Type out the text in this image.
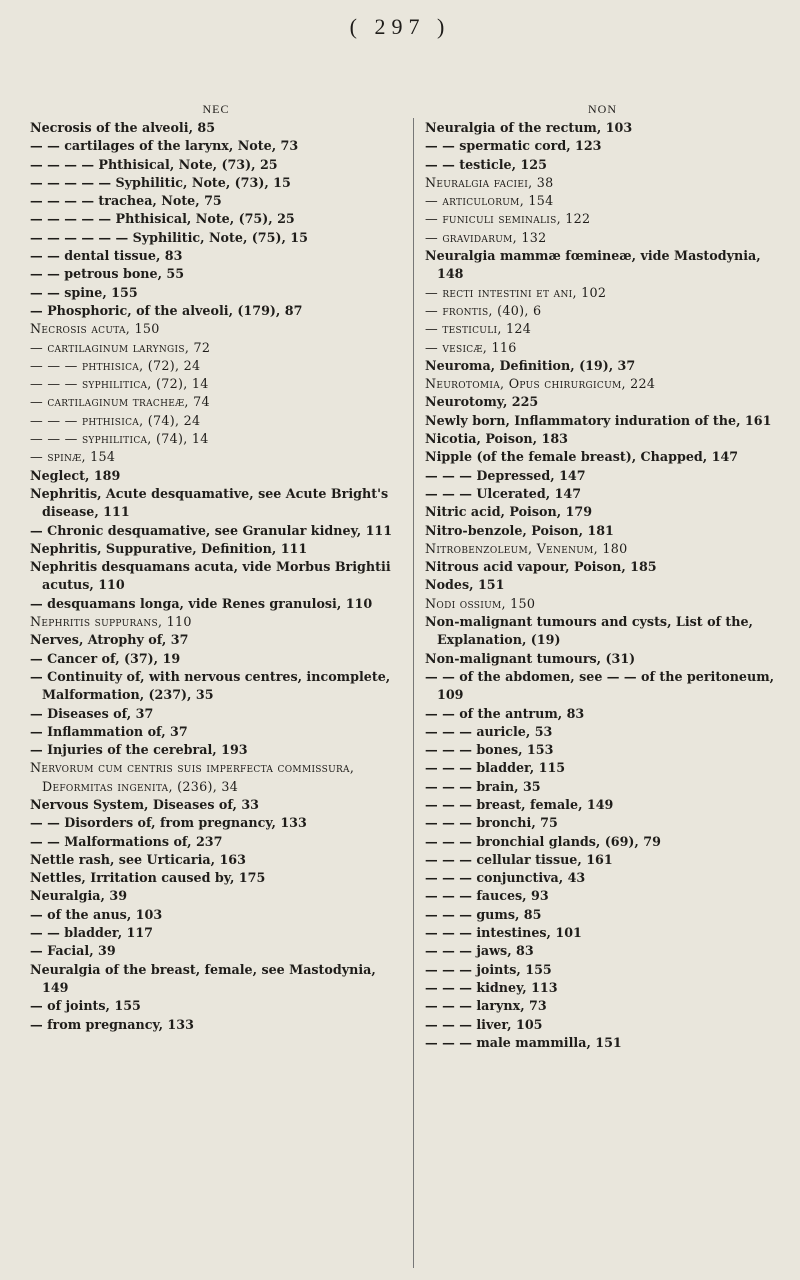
( 297 )
NEC
Necrosis of the alveoli, 85
— — cartilages of the larynx, Note, 73
— — — — Phthisical, Note, (73), 25
— — — — — Syphilitic, Note, (73), 15
— — — — trachea, Note, 75
— — — — — Phthisical, Note, (75), 25
— — — — — — Syphilitic, Note, (75), 15
— — dental tissue, 83
— — petrous bone, 55
— — spine, 155
— Phosphoric, of the alveoli, (179), 87
Necrosis acuta, 150
— cartilaginum laryngis, 72
— — — phthisica, (72), 24
— — — syphilitica, (72), 14
— cartilaginum tracheæ, 74
— — — phthisica, (74), 24
— — — syphilitica, (74), 14
— spinæ, 154
Neglect, 189
Nephritis, Acute desquamative, see Acute Bright's disease, 111
— Chronic desquamative, see Granular kidney, 111
Nephritis, Suppurative, Definition, 111
Nephritis desquamans acuta, vide Morbus Brightii acutus, 110
— desquamans longa, vide Renes granulosi, 110
Nephritis suppurans, 110
Nerves, Atrophy of, 37
— Cancer of, (37), 19
— Continuity of, with nervous centres, incomplete, Malformation, (237), 35
— Diseases of, 37
— Inflammation of, 37
— Injuries of the cerebral, 193
Nervorum cum centris suis imperfecta commissura, Deformitas ingenita, (236), 34
Nervous System, Diseases of, 33
— — Disorders of, from pregnancy, 133
— — Malformations of, 237
Nettle rash, see Urticaria, 163
Nettles, Irritation caused by, 175
Neuralgia, 39
— of the anus, 103
— — bladder, 117
— Facial, 39
Neuralgia of the breast, female, see Mastodynia, 149
— of joints, 155
— from pregnancy, 133
NON
Neuralgia of the rectum, 103
— — spermatic cord, 123
— — testicle, 125
Neuralgia faciei, 38
— articulorum, 154
— funiculi seminalis, 122
— gravidarum, 132
Neuralgia mammæ fœmineæ, vide Mastodynia, 148
— recti intestini et ani, 102
— frontis, (40), 6
— testiculi, 124
— vesicæ, 116
Neuroma, Definition, (19), 37
Neurotomia, Opus chirurgicum, 224
Neurotomy, 225
Newly born, Inflammatory induration of the, 161
Nicotia, Poison, 183
Nipple (of the female breast), Chapped, 147
— — — Depressed, 147
— — — Ulcerated, 147
Nitric acid, Poison, 179
Nitro-benzole, Poison, 181
Nitrobenzoleum, Venenum, 180
Nitrous acid vapour, Poison, 185
Nodes, 151
Nodi ossium, 150
Non-malignant tumours and cysts, List of the, Explanation, (19)
Non-malignant tumours, (31)
— — of the abdomen, see — — of the peritoneum, 109
— — of the antrum, 83
— — — auricle, 53
— — — bones, 153
— — — bladder, 115
— — — brain, 35
— — — breast, female, 149
— — — bronchi, 75
— — — bronchial glands, (69), 79
— — — cellular tissue, 161
— — — conjunctiva, 43
— — — fauces, 93
— — — gums, 85
— — — intestines, 101
— — — jaws, 83
— — — joints, 155
— — — kidney, 113
— — — larynx, 73
— — — liver, 105
— — — male mammilla, 151
